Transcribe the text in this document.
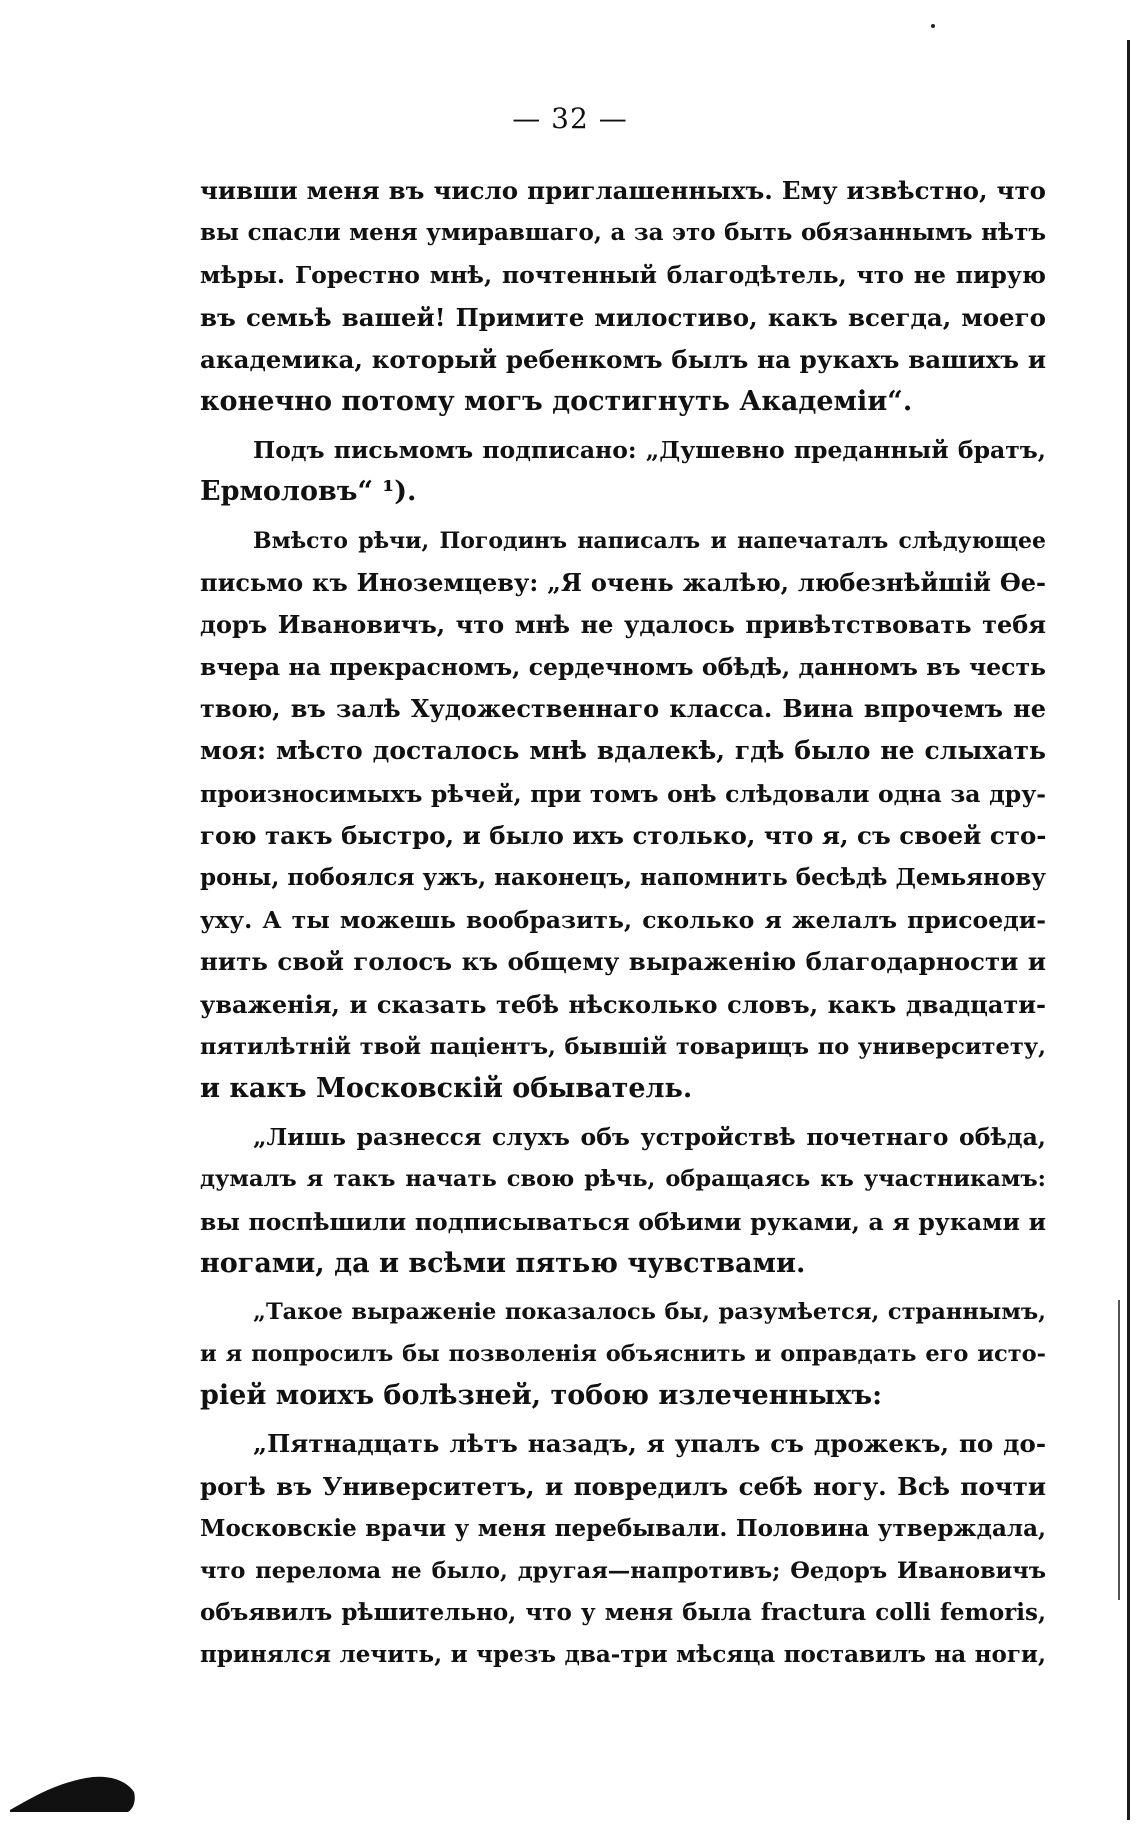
— 32 —
чивши меня въ число приглашенныхъ. Ему извѣстно, что
вы спасли меня умиравшаго, а за это быть обязаннымъ нѣтъ
мѣры. Горестно мнѣ, почтенный благодѣтель, что не пирую
въ семьѣ вашей! Примите милостиво, какъ всегда, моего
академика, который ребенкомъ былъ на рукахъ вашихъ и
конечно потому могъ достигнуть Академіи“.
Подъ письмомъ подписано: „Душевно преданный братъ,
Ермоловъ“ ¹).
Вмѣсто рѣчи, Погодинъ написалъ и напечаталъ слѣдующее
письмо къ Иноземцеву: „Я очень жалѣю, любезнѣйшій Ѳе-
доръ Ивановичъ, что мнѣ не удалось привѣтствовать тебя
вчера на прекрасномъ, сердечномъ обѣдѣ, данномъ въ честь
твою, въ залѣ Художественнаго класса. Вина впрочемъ не
моя: мѣсто досталось мнѣ вдалекѣ, гдѣ было не слыхать
произносимыхъ рѣчей, при томъ онѣ слѣдовали одна за дру-
гою такъ быстро, и было ихъ столько, что я, съ своей сто-
роны, побоялся ужъ, наконецъ, напомнить бесѣдѣ Демьянову
уху. А ты можешь вообразить, сколько я желалъ присоеди-
нить свой голосъ къ общему выраженію благодарности и
уваженія, и сказать тебѣ нѣсколько словъ, какъ двадцати-
пятилѣтній твой паціентъ, бывшій товарищъ по университету,
и какъ Московскій обыватель.
„Лишь разнесся слухъ объ устройствѣ почетнаго обѣда,
думалъ я такъ начать свою рѣчь, обращаясь къ участникамъ:
вы поспѣшили подписываться обѣими руками, а я руками и
ногами, да и всѣми пятью чувствами.
„Такое выраженіе показалось бы, разумѣется, страннымъ,
и я попросилъ бы позволенія объяснить и оправдать его исто-
ріей моихъ болѣзней, тобою излеченныхъ:
„Пятнадцать лѣтъ назадъ, я упалъ съ дрожекъ, по до-
рогѣ въ Университетъ, и повредилъ себѣ ногу. Всѣ почти
Московскіе врачи у меня перебывали. Половина утверждала,
что перелома не было, другая—напротивъ; Ѳедоръ Ивановичъ
объявилъ рѣшительно, что у меня была fractura colli femoris,
принялся лечить, и чрезъ два-три мѣсяца поставилъ на ноги,
